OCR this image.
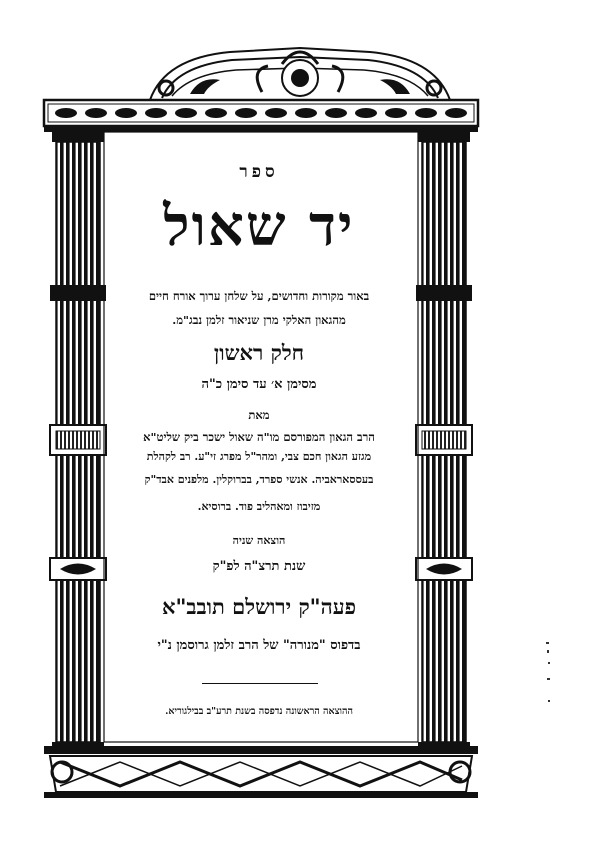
ספר
יד שאול
באור מקורות וחדושים, על שלחן ערוך אורח חיים
מהגאון האלקי מרן שניאור זלמן נבג"מ.
חלק ראשון
מסימן א׳ עד סימן כ"ה
מאת
הרב הגאון המפורסם מו"ה שאול ישכר ביק שליט"א
מגזע הגאון חכם צבי, ומהר"ל מפרג זי"ע. רב לקהלת
בעססאראביה. אנשי ספרד, בברוקלין. מלפנים אבד"ק
מזיבוז ומאהליב פוד. ברוסיא.
הוצאה שניה
שנת תרצ"ה לפ"ק
פעה"ק ירושלם תובב"א
בדפוס "מנורה" של הרב זלמן גרוסמן נ"י
ההוצאה הראשונה נדפסה בשנת תרע"ב בבילגוריא.
